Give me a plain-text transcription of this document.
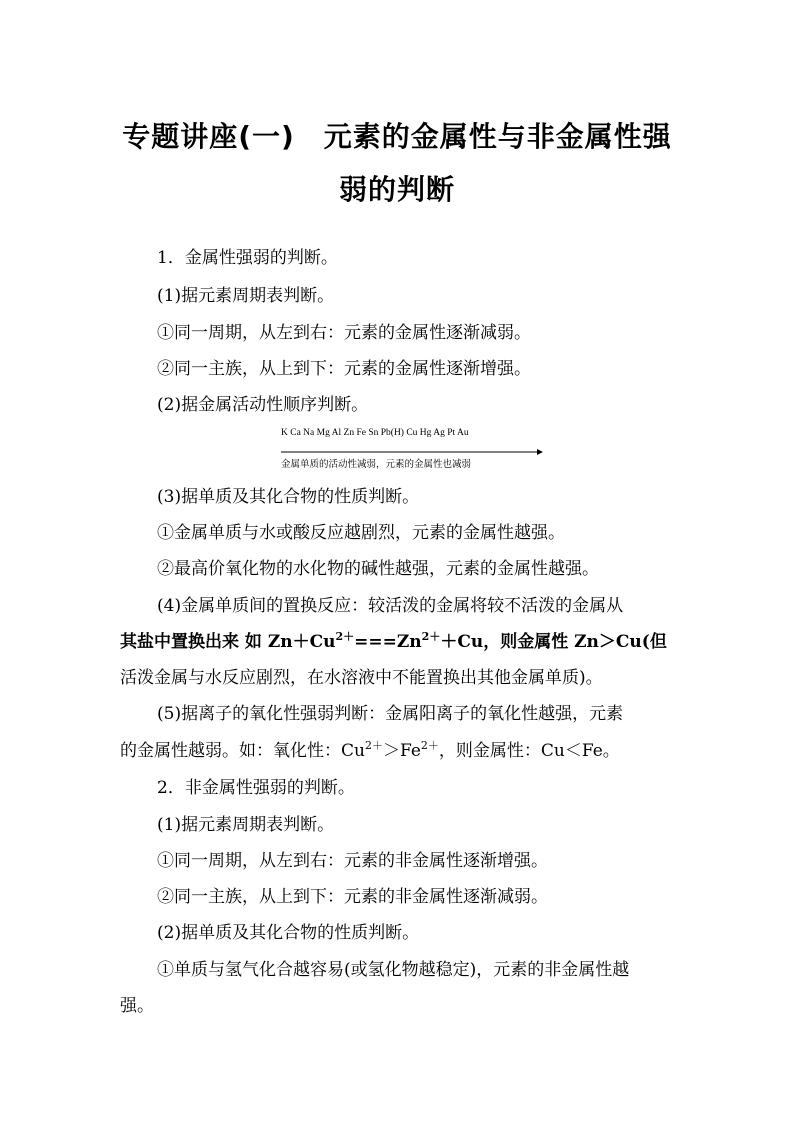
专题讲座(一)　元素的金属性与非金属性强
弱的判断
1．金属性强弱的判断。
(1)据元素周期表判断。
①同一周期，从左到右：元素的金属性逐渐减弱。
②同一主族，从上到下：元素的金属性逐渐增强。
(2)据金属活动性顺序判断。
K Ca Na Mg Al Zn Fe Sn Pb(H) Cu Hg Ag Pt Au
金属单质的活动性减弱，元素的金属性也减弱
(3)据单质及其化合物的性质判断。
①金属单质与水或酸反应越剧烈，元素的金属性越强。
②最高价氧化物的水化物的碱性越强，元素的金属性越强。
(4)金属单质间的置换反应：较活泼的金属将较不活泼的金属从
其盐中置换出来 如 $Zn+Cu^{2+}===Zn^{2+}+Cu$，则金属性 Zn＞Cu(但
活泼金属与水反应剧烈，在水溶液中不能置换出其他金属单质)。
(5)据离子的氧化性强弱判断：金属阳离子的氧化性越强，元素
的金属性越弱。如：氧化性：$Cu^{2+}>Fe^{2+}$，则金属性：Cu＜Fe。
2．非金属性强弱的判断。
(1)据元素周期表判断。
①同一周期，从左到右：元素的非金属性逐渐增强。
②同一主族，从上到下：元素的非金属性逐渐减弱。
(2)据单质及其化合物的性质判断。
①单质与氢气化合越容易(或氢化物越稳定)，元素的非金属性越
强。
